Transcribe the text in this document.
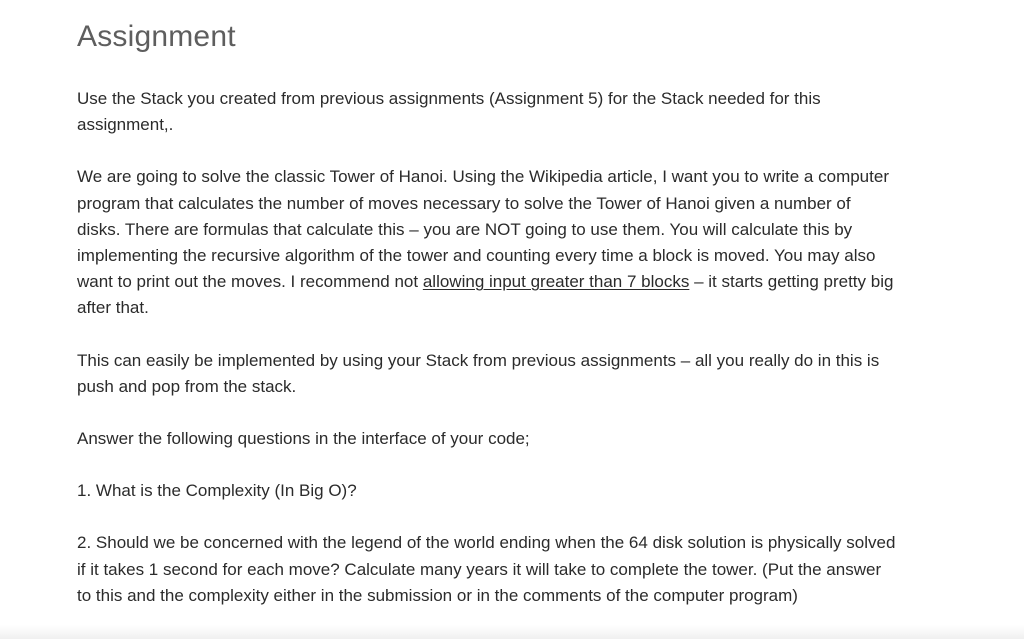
Assignment

Use the Stack you created from previous assignments (Assignment 5) for the Stack needed for this assignment,.

We are going to solve the classic Tower of Hanoi. Using the Wikipedia article, I want you to write a computer program that calculates the number of moves necessary to solve the Tower of Hanoi given a number of disks. There are formulas that calculate this – you are NOT going to use them. You will calculate this by implementing the recursive algorithm of the tower and counting every time a block is moved. You may also want to print out the moves. I recommend not allowing input greater than 7 blocks – it starts getting pretty big after that.

This can easily be implemented by using your Stack from previous assignments – all you really do in this is push and pop from the stack.

Answer the following questions in the interface of your code;

1. What is the Complexity (In Big O)?

2. Should we be concerned with the legend of the world ending when the 64 disk solution is physically solved if it takes 1 second for each move? Calculate many years it will take to complete the tower. (Put the answer to this and the complexity either in the submission or in the comments of the computer program)
